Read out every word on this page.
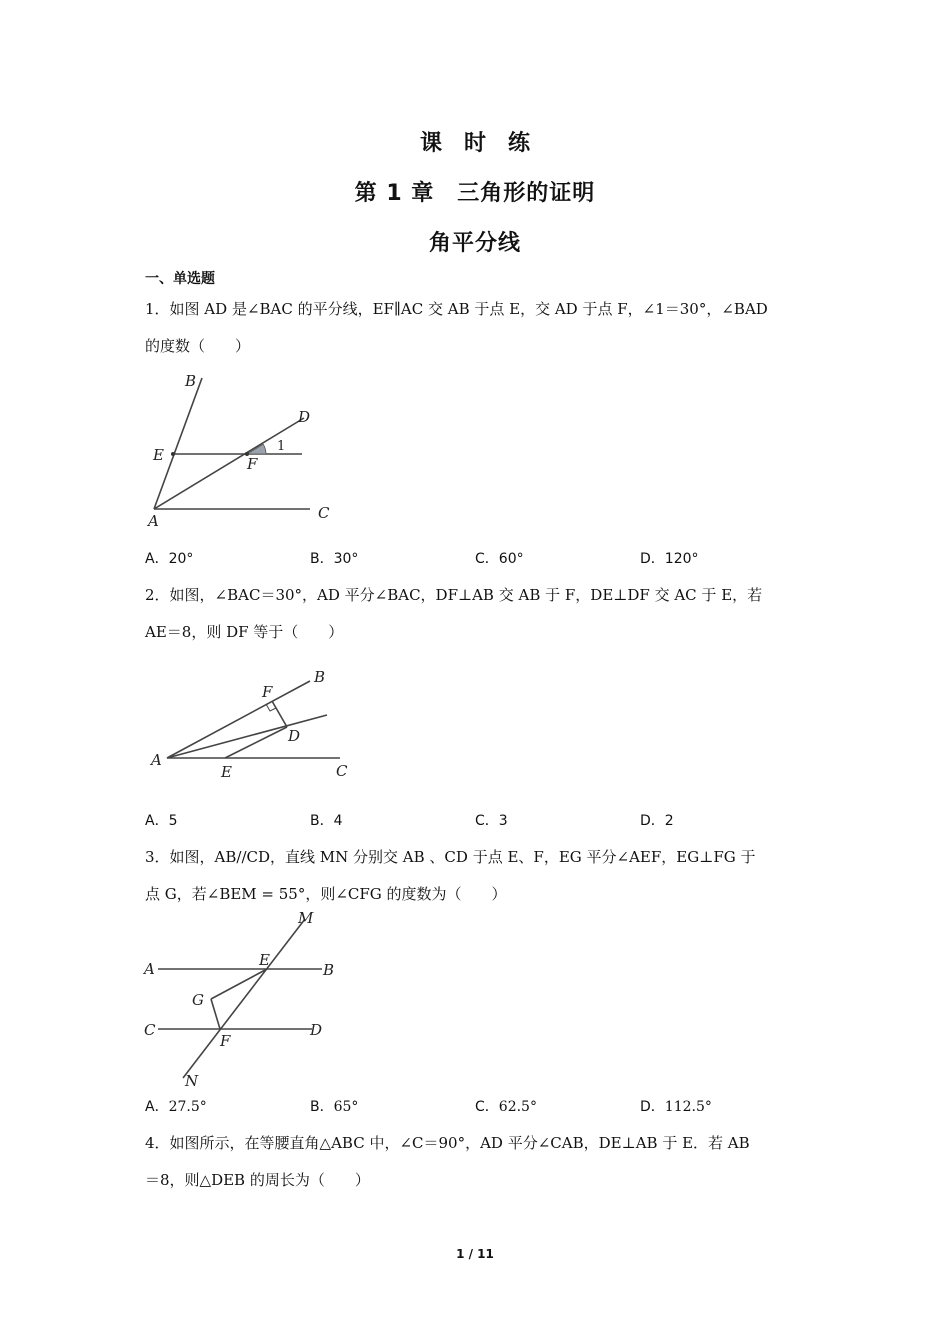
课时练
第 1 章　三角形的证明
角平分线
一、单选题
1．如图 AD 是∠BAC 的平分线，EF∥AC 交 AB 于点 E，交 AD 于点 F，∠1＝30°，∠BAD
的度数（　　）
B
D
E	F
1
A	C
A．20°	B．30°	C．60°	D．120°
2．如图，∠BAC＝30°，AD 平分∠BAC，DF⊥AB 交 AB 于 F，DE⊥DF 交 AC 于 E，若
AE＝8，则 DF 等于（　　）
B
F
D
A
E	C
A．5	B．4	C．3	D．2
3．如图，AB//CD，直线 MN 分别交 AB 、CD 于点 E、F，EG 平分∠AEF，EG⊥FG 于
点 G，若∠BEM = 55°，则∠CFG 的度数为（　　）
M
A	E
B
G
C
F
D
N
A．27.5°	B．65°	C．62.5°	D．112.5°
4．如图所示，在等腰直角△ABC 中，∠C＝90°，AD 平分∠CAB，DE⊥AB 于 E．若 AB
＝8，则△DEB 的周长为（　　）
1 / 11
